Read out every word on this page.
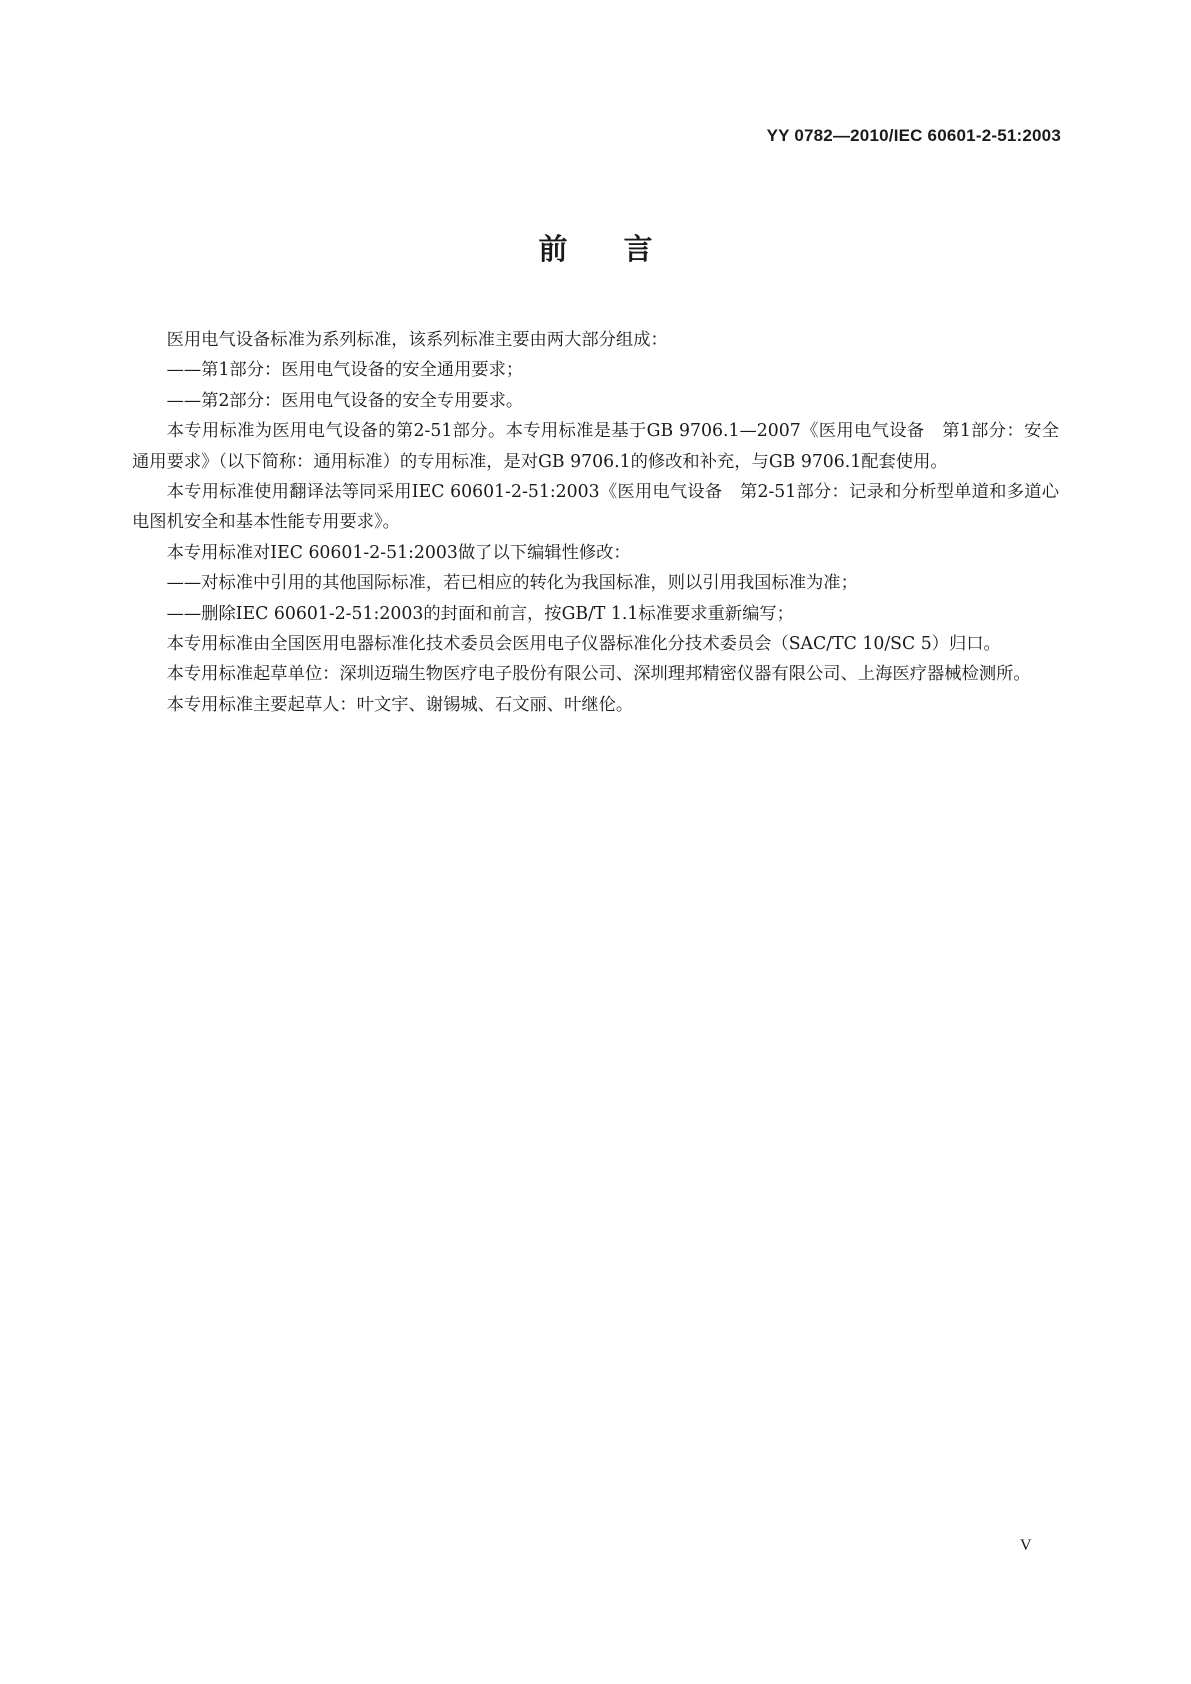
YY 0782—2010/IEC 60601-2-51:2003
前言

医用电气设备标准为系列标准，该系列标准主要由两大部分组成：

——第1部分：医用电气设备的安全通用要求；

——第2部分：医用电气设备的安全专用要求。

本专用标准为医用电气设备的第2-51部分。本专用标准是基于GB 9706.1—2007《医用电气设备　第1部分：安全通用要求》（以下简称：通用标准）的专用标准，是对GB 9706.1的修改和补充，与GB 9706.1配套使用。

本专用标准使用翻译法等同采用IEC 60601-2-51:2003《医用电气设备　第2-51部分：记录和分析型单道和多道心电图机安全和基本性能专用要求》。

本专用标准对IEC 60601-2-51:2003做了以下编辑性修改：

——对标准中引用的其他国际标准，若已相应的转化为我国标准，则以引用我国标准为准；

——删除IEC 60601-2-51:2003的封面和前言，按GB/T 1.1标准要求重新编写；

本专用标准由全国医用电器标准化技术委员会医用电子仪器标准化分技术委员会（SAC/TC 10/SC 5）归口。

本专用标准起草单位：深圳迈瑞生物医疗电子股份有限公司、深圳理邦精密仪器有限公司、上海医疗器械检测所。

本专用标准主要起草人：叶文宇、谢锡城、石文丽、叶继伦。

V
